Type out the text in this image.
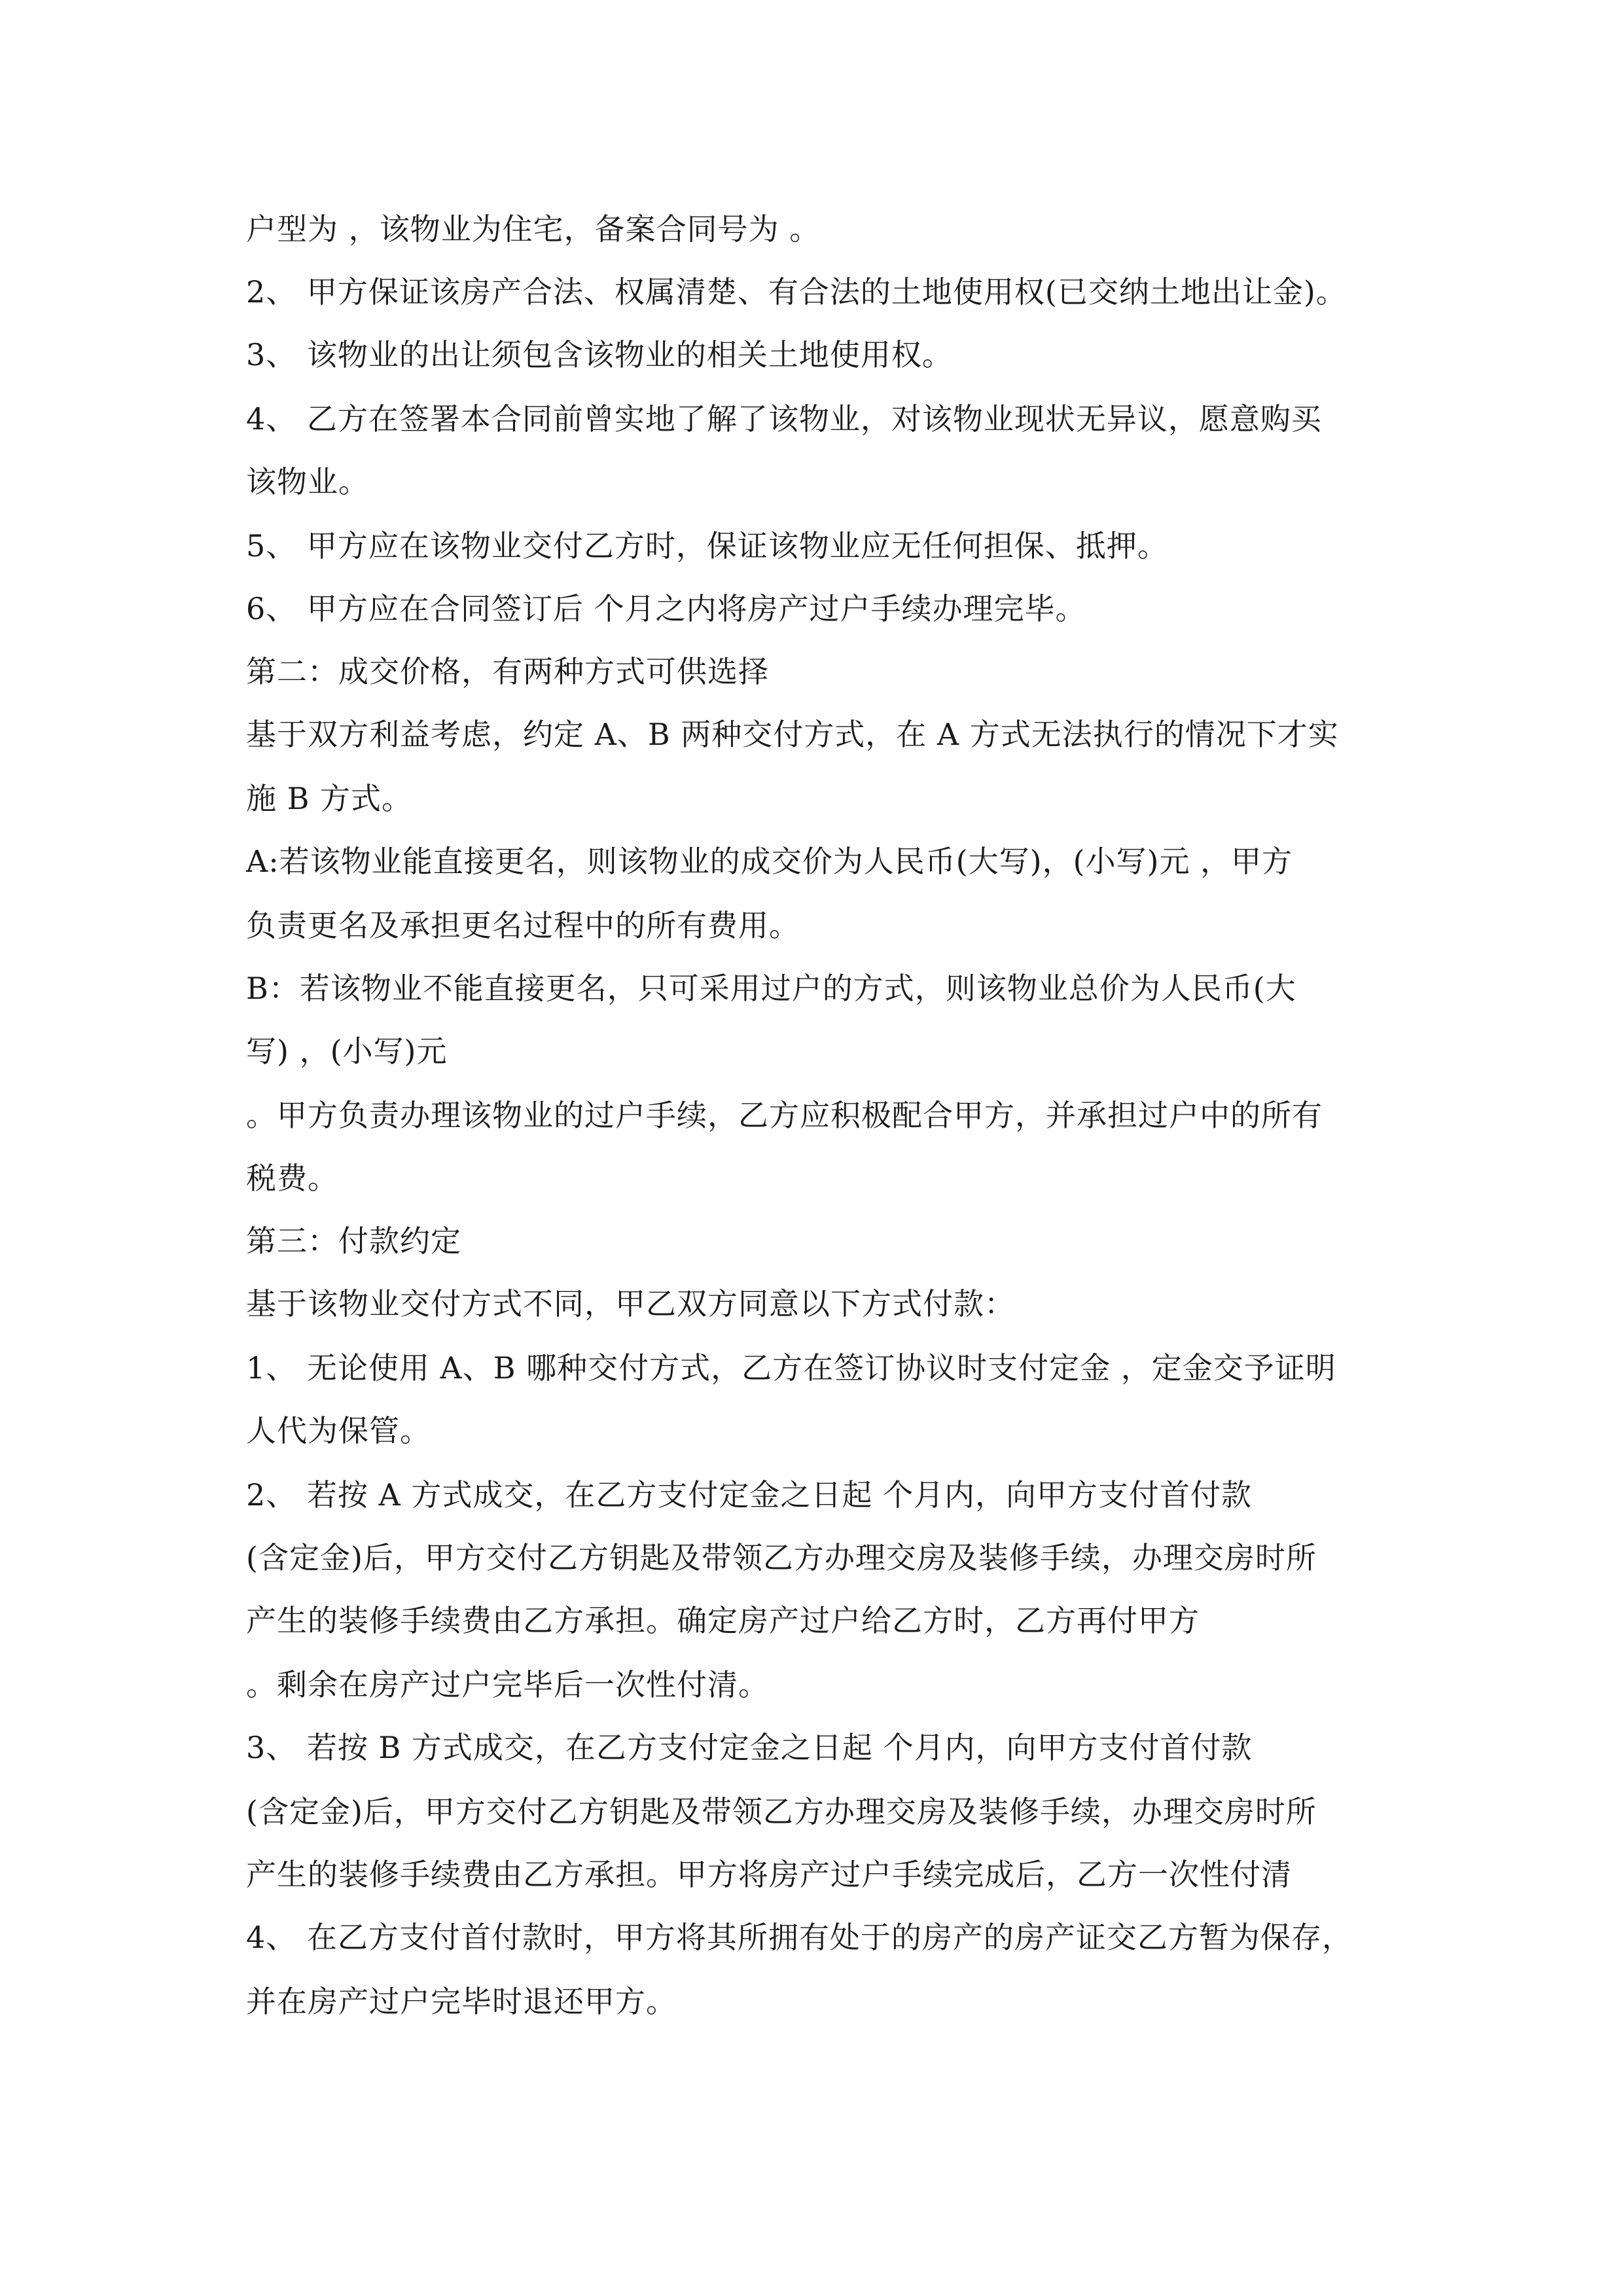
户型为 ，该物业为住宅，备案合同号为 。
2、 甲方保证该房产合法、权属清楚、有合法的土地使用权(已交纳土地出让金)。
3、 该物业的出让须包含该物业的相关土地使用权。
4、 乙方在签署本合同前曾实地了解了该物业，对该物业现状无异议，愿意购买
该物业。
5、 甲方应在该物业交付乙方时，保证该物业应无任何担保、抵押。
6、 甲方应在合同签订后 个月之内将房产过户手续办理完毕。
第二：成交价格，有两种方式可供选择
基于双方利益考虑，约定 A、B 两种交付方式，在 A 方式无法执行的情况下才实
施 B 方式。
A:若该物业能直接更名，则该物业的成交价为人民币(大写)，(小写)元 ，甲方
负责更名及承担更名过程中的所有费用。
B：若该物业不能直接更名，只可采用过户的方式，则该物业总价为人民币(大
写) ，(小写)元
。甲方负责办理该物业的过户手续，乙方应积极配合甲方，并承担过户中的所有
税费。
第三：付款约定
基于该物业交付方式不同，甲乙双方同意以下方式付款：
1、 无论使用 A、B 哪种交付方式，乙方在签订协议时支付定金 ，定金交予证明
人代为保管。
2、 若按 A 方式成交，在乙方支付定金之日起 个月内，向甲方支付首付款
(含定金)后，甲方交付乙方钥匙及带领乙方办理交房及装修手续，办理交房时所
产生的装修手续费由乙方承担。确定房产过户给乙方时，乙方再付甲方
。剩余在房产过户完毕后一次性付清。
3、 若按 B 方式成交，在乙方支付定金之日起 个月内，向甲方支付首付款
(含定金)后，甲方交付乙方钥匙及带领乙方办理交房及装修手续，办理交房时所
产生的装修手续费由乙方承担。甲方将房产过户手续完成后，乙方一次性付清
4、 在乙方支付首付款时，甲方将其所拥有处于的房产的房产证交乙方暂为保存，
并在房产过户完毕时退还甲方。
